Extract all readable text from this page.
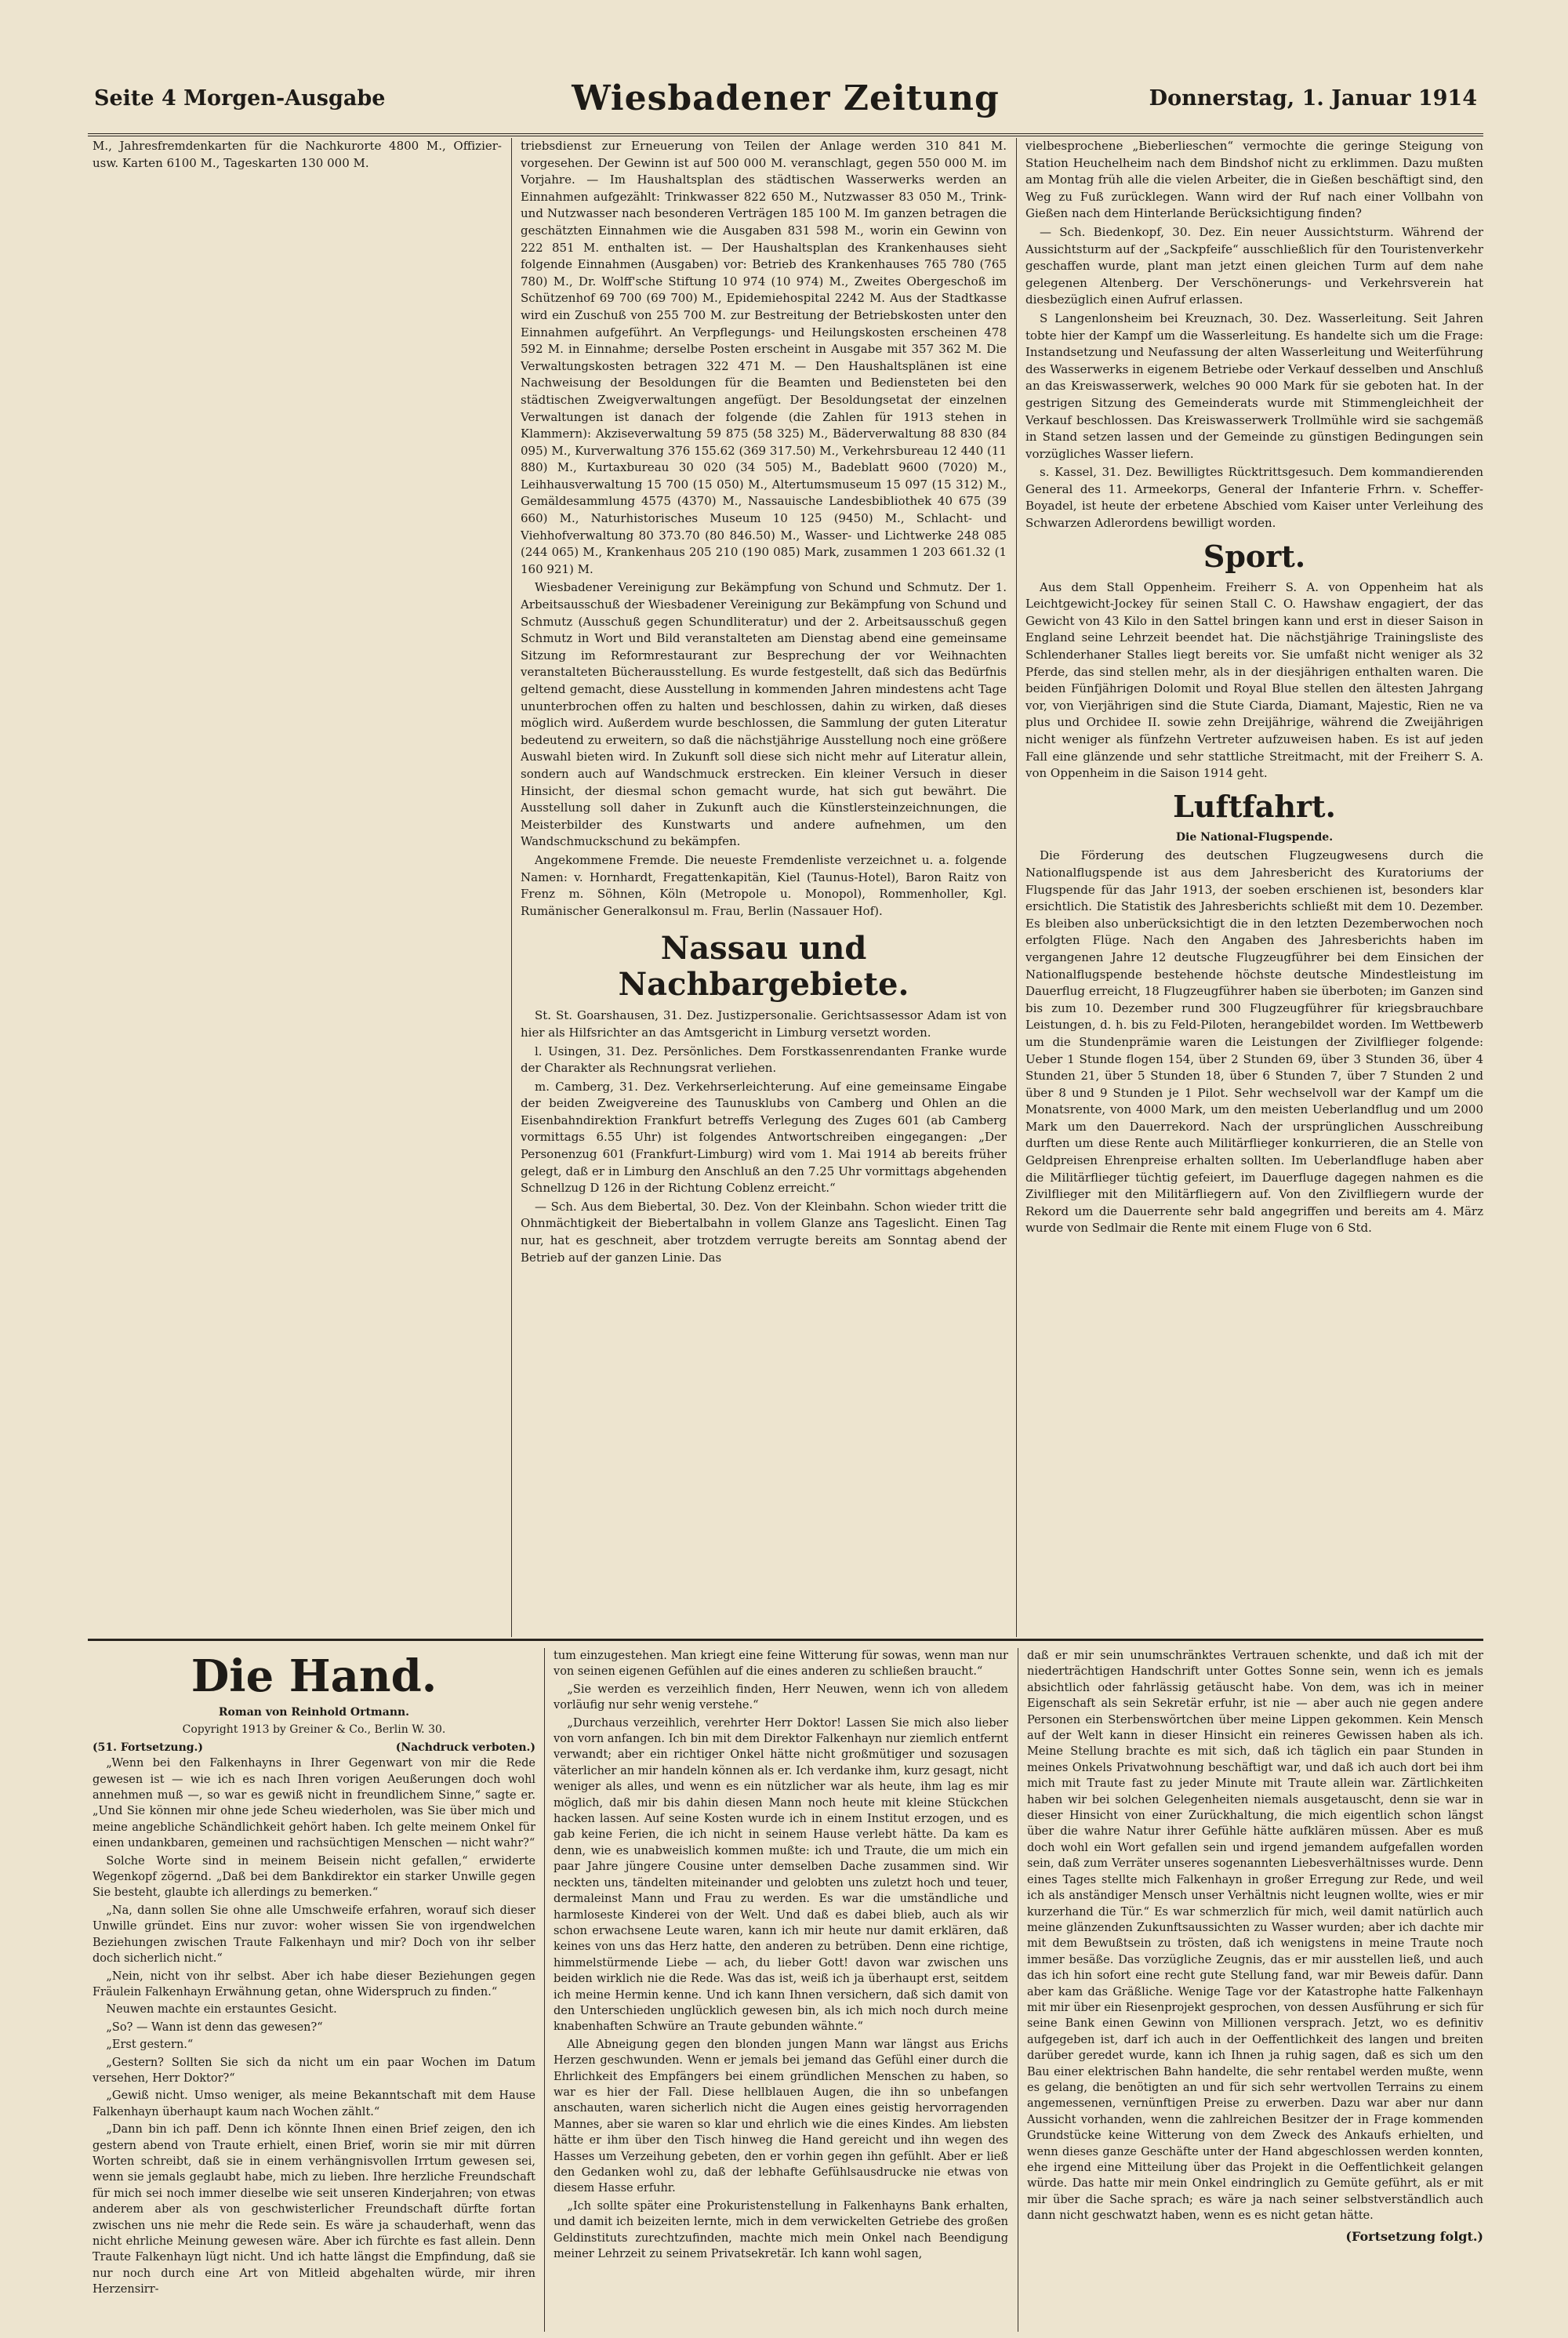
Seite 4 Morgen-Ausgabe	Wiesbadener Zeitung	Donnerstag, 1. Januar 1914

M., Jahresfremdenkarten für die Nachkurorte 4800 M., Offizier- usw. Karten 6100 M., Tageskarten 130 000 M.

triebsdienst zur Erneuerung von Teilen der Anlage werden 310 841 M. vorgesehen. Der Gewinn ist auf 500 000 M. veranschlagt, gegen 550 000 M. im Vorjahre. — Im Haushaltsplan des städtischen Wasserwerks werden an Einnahmen aufgezählt: Trinkwasser 822 650 M., Nutzwasser 83 050 M., Trink- und Nutzwasser nach besonderen Verträgen 185 100 M. Im ganzen betragen die geschätzten Einnahmen wie die Ausgaben 831 598 M., worin ein Gewinn von 222 851 M. enthalten ist. — Der Haushaltsplan des Krankenhauses sieht folgende Einnahmen (Ausgaben) vor: Betrieb des Krankenhauses 765 780 (765 780) M., Dr. Wolff'sche Stiftung 10 974 (10 974) M., Zweites Obergeschoß im Schützenhof 69 700 (69 700) M., Epidemiehospital 2242 M. Aus der Stadtkasse wird ein Zuschuß von 255 700 M. zur Bestreitung der Betriebskosten unter den Einnahmen aufgeführt. An Verpflegungs- und Heilungskosten erscheinen 478 592 M. in Einnahme; derselbe Posten erscheint in Ausgabe mit 357 362 M. Die Verwaltungskosten betragen 322 471 M. — Den Haushaltsplänen ist eine Nachweisung der Besoldungen für die Beamten und Bediensteten bei den städtischen Zweigverwaltungen angefügt. Der Besoldungsetat der einzelnen Verwaltungen ist danach der folgende (die Zahlen für 1913 stehen in Klammern): Akziseverwaltung 59 875 (58 325) M., Bäderverwaltung 88 830 (84 095) M., Kurverwaltung 376 155.62 (369 317.50) M., Verkehrsbureau 12 440 (11 880) M., Kurtaxbureau 30 020 (34 505) M., Badeblatt 9600 (7020) M., Leihhausverwaltung 15 700 (15 050) M., Altertumsmuseum 15 097 (15 312) M., Gemäldesammlung 4575 (4370) M., Nassauische Landesbibliothek 40 675 (39 660) M., Naturhistorisches Museum 10 125 (9450) M., Schlacht- und Viehhofverwaltung 80 373.70 (80 846.50) M., Wasser- und Lichtwerke 248 085 (244 065) M., Krankenhaus 205 210 (190 085) Mark, zusammen 1 203 661.32 (1 160 921) M.

Wiesbadener Vereinigung zur Bekämpfung von Schund und Schmutz. Der 1. Arbeitsausschuß der Wiesbadener Vereinigung zur Bekämpfung von Schund und Schmutz (Ausschuß gegen Schundliteratur) und der 2. Arbeitsausschuß gegen Schmutz in Wort und Bild veranstalteten am Dienstag abend eine gemeinsame Sitzung im Reformrestaurant zur Besprechung der vor Weihnachten veranstalteten Bücherausstellung. Es wurde festgestellt, daß sich das Bedürfnis geltend gemacht, diese Ausstellung in kommenden Jahren mindestens acht Tage ununterbrochen offen zu halten und beschlossen, dahin zu wirken, daß dieses möglich wird. Außerdem wurde beschlossen, die Sammlung der guten Literatur bedeutend zu erweitern, so daß die nächstjährige Ausstellung noch eine größere Auswahl bieten wird. In Zukunft soll diese sich nicht mehr auf Literatur allein, sondern auch auf Wandschmuck erstrecken. Ein kleiner Versuch in dieser Hinsicht, der diesmal schon gemacht wurde, hat sich gut bewährt. Die Ausstellung soll daher in Zukunft auch die Künstlersteinzeichnungen, die Meisterbilder des Kunstwarts und andere aufnehmen, um den Wandschmuckschund zu bekämpfen.

Angekommene Fremde. Die neueste Fremdenliste verzeichnet u. a. folgende Namen: v. Hornhardt, Fregattenkapitän, Kiel (Taunus-Hotel), Baron Raitz von Frenz m. Söhnen, Köln (Metropole u. Monopol), Rommenholler, Kgl. Rumänischer Generalkonsul m. Frau, Berlin (Nassauer Hof).

Nassau und Nachbargebiete.

St. St. Goarshausen, 31. Dez. Justizpersonalie. Gerichtsassessor Adam ist von hier als Hilfsrichter an das Amtsgericht in Limburg versetzt worden.

l. Usingen, 31. Dez. Persönliches. Dem Forstkassenrendanten Franke wurde der Charakter als Rechnungsrat verliehen.

m. Camberg, 31. Dez. Verkehrserleichterung. Auf eine gemeinsame Eingabe der beiden Zweigvereine des Taunusklubs von Camberg und Ohlen an die Eisenbahndirektion Frankfurt betreffs Verlegung des Zuges 601 (ab Camberg vormittags 6.55 Uhr) ist folgendes Antwortschreiben eingegangen: „Der Personenzug 601 (Frankfurt-Limburg) wird vom 1. Mai 1914 ab bereits früher gelegt, daß er in Limburg den Anschluß an den 7.25 Uhr vormittags abgehenden Schnellzug D 126 in der Richtung Coblenz erreicht.“

— Sch. Aus dem Biebertal, 30. Dez. Von der Kleinbahn. Schon wieder tritt die Ohnmächtigkeit der Biebertalbahn in vollem Glanze ans Tageslicht. Einen Tag nur, hat es geschneit, aber trotzdem verrugte bereits am Sonntag abend der Betrieb auf der ganzen Linie. Das

vielbesprochene „Bieberlieschen“ vermochte die geringe Steigung von Station Heuchelheim nach dem Bindshof nicht zu erklimmen. Dazu mußten am Montag früh alle die vielen Arbeiter, die in Gießen beschäftigt sind, den Weg zu Fuß zurücklegen. Wann wird der Ruf nach einer Vollbahn von Gießen nach dem Hinterlande Berücksichtigung finden?

— Sch. Biedenkopf, 30. Dez. Ein neuer Aussichtsturm. Während der Aussichtsturm auf der „Sackpfeife“ ausschließlich für den Touristenverkehr geschaffen wurde, plant man jetzt einen gleichen Turm auf dem nahe gelegenen Altenberg. Der Verschönerungs- und Verkehrsverein hat diesbezüglich einen Aufruf erlassen.

S Langenlonsheim bei Kreuznach, 30. Dez. Wasserleitung. Seit Jahren tobte hier der Kampf um die Wasserleitung. Es handelte sich um die Frage: Instandsetzung und Neufassung der alten Wasserleitung und Weiterführung des Wasserwerks in eigenem Betriebe oder Verkauf desselben und Anschluß an das Kreiswasserwerk, welches 90 000 Mark für sie geboten hat. In der gestrigen Sitzung des Gemeinderats wurde mit Stimmengleichheit der Verkauf beschlossen. Das Kreiswasserwerk Trollmühle wird sie sachgemäß in Stand setzen lassen und der Gemeinde zu günstigen Bedingungen sein vorzügliches Wasser liefern.

s. Kassel, 31. Dez. Bewilligtes Rücktrittsgesuch. Dem kommandierenden General des 11. Armeekorps, General der Infanterie Frhrn. v. Scheffer-Boyadel, ist heute der erbetene Abschied vom Kaiser unter Verleihung des Schwarzen Adlerordens bewilligt worden.

Sport.

Aus dem Stall Oppenheim. Freiherr S. A. von Oppenheim hat als Leichtgewicht-Jockey für seinen Stall C. O. Hawshaw engagiert, der das Gewicht von 43 Kilo in den Sattel bringen kann und erst in dieser Saison in England seine Lehrzeit beendet hat. Die nächstjährige Trainingsliste des Schlenderhaner Stalles liegt bereits vor. Sie umfaßt nicht weniger als 32 Pferde, das sind stellen mehr, als in der diesjährigen enthalten waren. Die beiden Fünfjährigen Dolomit und Royal Blue stellen den ältesten Jahrgang vor, von Vierjährigen sind die Stute Ciarda, Diamant, Majestic, Rien ne va plus und Orchidee II. sowie zehn Dreijährige, während die Zweijährigen nicht weniger als fünfzehn Vertreter aufzuweisen haben. Es ist auf jeden Fall eine glänzende und sehr stattliche Streitmacht, mit der Freiherr S. A. von Oppenheim in die Saison 1914 geht.

Luftfahrt.

Die National-Flugspende.

Die Förderung des deutschen Flugzeugwesens durch die Nationalflugspende ist aus dem Jahresbericht des Kuratoriums der Flugspende für das Jahr 1913, der soeben erschienen ist, besonders klar ersichtlich. Die Statistik des Jahresberichts schließt mit dem 10. Dezember. Es bleiben also unberücksichtigt die in den letzten Dezemberwochen noch erfolgten Flüge. Nach den Angaben des Jahresberichts haben im vergangenen Jahre 12 deutsche Flugzeugführer bei dem Einsichen der Nationalflugspende bestehende höchste deutsche Mindestleistung im Dauerflug erreicht, 18 Flugzeugführer haben sie überboten; im Ganzen sind bis zum 10. Dezember rund 300 Flugzeugführer für kriegsbrauchbare Leistungen, d. h. bis zu Feld-Piloten, herangebildet worden. Im Wettbewerb um die Stundenprämie waren die Leistungen der Zivilflieger folgende: Ueber 1 Stunde flogen 154, über 2 Stunden 69, über 3 Stunden 36, über 4 Stunden 21, über 5 Stunden 18, über 6 Stunden 7, über 7 Stunden 2 und über 8 und 9 Stunden je 1 Pilot. Sehr wechselvoll war der Kampf um die Monatsrente, von 4000 Mark, um den meisten Ueberlandflug und um 2000 Mark um den Dauerrekord. Nach der ursprünglichen Ausschreibung durften um diese Rente auch Militärflieger konkurrieren, die an Stelle von Geldpreisen Ehrenpreise erhalten sollten. Im Ueberlandfluge haben aber die Militärflieger tüchtig gefeiert, im Dauerfluge dagegen nahmen es die Zivilflieger mit den Militärfliegern auf. Von den Zivilfliegern wurde der Rekord um die Dauerrente sehr bald angegriffen und bereits am 4. März wurde von Sedlmair die Rente mit einem Fluge von 6 Std.

Die Hand.

Roman von Reinhold Ortmann.

Copyright 1913 by Greiner & Co., Berlin W. 30.

(51. Fortsetzung.)	(Nachdruck verboten.)

„Wenn bei den Falkenhayns in Ihrer Gegenwart von mir die Rede gewesen ist — wie ich es nach Ihren vorigen Aeußerungen doch wohl annehmen muß —, so war es gewiß nicht in freundlichem Sinne,“ sagte er. „Und Sie können mir ohne jede Scheu wiederholen, was Sie über mich und meine angebliche Schändlichkeit gehört haben. Ich gelte meinem Onkel für einen undankbaren, gemeinen und rachsüchtigen Menschen — nicht wahr?“

Solche Worte sind in meinem Beisein nicht gefallen,“ erwiderte Wegenkopf zögernd. „Daß bei dem Bankdirektor ein starker Unwille gegen Sie besteht, glaubte ich allerdings zu bemerken.“

„Na, dann sollen Sie ohne alle Umschweife erfahren, worauf sich dieser Unwille gründet. Eins nur zuvor: woher wissen Sie von irgendwelchen Beziehungen zwischen Traute Falkenhayn und mir? Doch von ihr selber doch sicherlich nicht.“

„Nein, nicht von ihr selbst. Aber ich habe dieser Beziehungen gegen Fräulein Falkenhayn Erwähnung getan, ohne Widerspruch zu finden.“

Neuwen machte ein erstauntes Gesicht.

„So? — Wann ist denn das gewesen?“

„Erst gestern.“

„Gestern? Sollten Sie sich da nicht um ein paar Wochen im Datum versehen, Herr Doktor?“

„Gewiß nicht. Umso weniger, als meine Bekanntschaft mit dem Hause Falkenhayn überhaupt kaum nach Wochen zählt.“

„Dann bin ich paff. Denn ich könnte Ihnen einen Brief zeigen, den ich gestern abend von Traute erhielt, einen Brief, worin sie mir mit dürren Worten schreibt, daß sie in einem verhängnisvollen Irrtum gewesen sei, wenn sie jemals geglaubt habe, mich zu lieben. Ihre herzliche Freundschaft für mich sei noch immer dieselbe wie seit unseren Kinderjahren; von etwas anderem aber als von geschwisterlicher Freundschaft dürfte fortan zwischen uns nie mehr die Rede sein. Es wäre ja schauderhaft, wenn das nicht ehrliche Meinung gewesen wäre. Aber ich fürchte es fast allein. Denn Traute Falkenhayn lügt nicht. Und ich hatte längst die Empfindung, daß sie nur noch durch eine Art von Mitleid abgehalten würde, mir ihren Herzensirr-

tum einzugestehen. Man kriegt eine feine Witterung für sowas, wenn man nur von seinen eigenen Gefühlen auf die eines anderen zu schließen braucht.“

„Sie werden es verzeihlich finden, Herr Neuwen, wenn ich von alledem vorläufig nur sehr wenig verstehe.“

„Durchaus verzeihlich, verehrter Herr Doktor! Lassen Sie mich also lieber von vorn anfangen. Ich bin mit dem Direktor Falkenhayn nur ziemlich entfernt verwandt; aber ein richtiger Onkel hätte nicht großmütiger und sozusagen väterlicher an mir handeln können als er. Ich verdanke ihm, kurz gesagt, nicht weniger als alles, und wenn es ein nützlicher war als heute, ihm lag es mir möglich, daß mir bis dahin diesen Mann noch heute mit kleine Stückchen hacken lassen. Auf seine Kosten wurde ich in einem Institut erzogen, und es gab keine Ferien, die ich nicht in seinem Hause verlebt hätte. Da kam es denn, wie es unabweislich kommen mußte: ich und Traute, die um mich ein paar Jahre jüngere Cousine unter demselben Dache zusammen sind. Wir neckten uns, tändelten miteinander und gelobten uns zuletzt hoch und teuer, dermaleinst Mann und Frau zu werden. Es war die umständliche und harmloseste Kinderei von der Welt. Und daß es dabei blieb, auch als wir schon erwachsene Leute waren, kann ich mir heute nur damit erklären, daß keines von uns das Herz hatte, den anderen zu betrüben. Denn eine richtige, himmelstürmende Liebe — ach, du lieber Gott! davon war zwischen uns beiden wirklich nie die Rede. Was das ist, weiß ich ja überhaupt erst, seitdem ich meine Hermin kenne. Und ich kann Ihnen versichern, daß sich damit von den Unterschieden unglücklich gewesen bin, als ich mich noch durch meine knabenhaften Schwüre an Traute gebunden wähnte.“

Alle Abneigung gegen den blonden jungen Mann war längst aus Erichs Herzen geschwunden. Wenn er jemals bei jemand das Gefühl einer durch die Ehrlichkeit des Empfängers bei einem gründlichen Menschen zu haben, so war es hier der Fall. Diese hellblauen Augen, die ihn so unbefangen anschauten, waren sicherlich nicht die Augen eines geistig hervorragenden Mannes, aber sie waren so klar und ehrlich wie die eines Kindes. Am liebsten hätte er ihm über den Tisch hinweg die Hand gereicht und ihn wegen des Hasses um Verzeihung gebeten, den er vorhin gegen ihn gefühlt. Aber er ließ den Gedanken wohl zu, daß der lebhafte Gefühlsausdrucke nie etwas von diesem Hasse erfuhr.

„Ich sollte später eine Prokuristenstellung in Falkenhayns Bank erhalten, und damit ich beizeiten lernte, mich in dem verwickelten Getriebe des großen Geldinstituts zurechtzufinden, machte mich mein Onkel nach Beendigung meiner Lehrzeit zu seinem Privatsekretär. Ich kann wohl sagen,

daß er mir sein unumschränktes Vertrauen schenkte, und daß ich mit der niederträchtigen Handschrift unter Gottes Sonne sein, wenn ich es jemals absichtlich oder fahrlässig getäuscht habe. Von dem, was ich in meiner Eigenschaft als sein Sekretär erfuhr, ist nie — aber auch nie gegen andere Personen ein Sterbenswörtchen über meine Lippen gekommen. Kein Mensch auf der Welt kann in dieser Hinsicht ein reineres Gewissen haben als ich. Meine Stellung brachte es mit sich, daß ich täglich ein paar Stunden in meines Onkels Privatwohnung beschäftigt war, und daß ich auch dort bei ihm mich mit Traute fast zu jeder Minute mit Traute allein war. Zärtlichkeiten haben wir bei solchen Gelegenheiten niemals ausgetauscht, denn sie war in dieser Hinsicht von einer Zurückhaltung, die mich eigentlich schon längst über die wahre Natur ihrer Gefühle hätte aufklären müssen. Aber es muß doch wohl ein Wort gefallen sein und irgend jemandem aufgefallen worden sein, daß zum Verräter unseres sogenannten Liebesverhältnisses wurde. Denn eines Tages stellte mich Falkenhayn in großer Erregung zur Rede, und weil ich als anständiger Mensch unser Verhältnis nicht leugnen wollte, wies er mir kurzerhand die Tür.“ Es war schmerzlich für mich, weil damit natürlich auch meine glänzenden Zukunftsaussichten zu Wasser wurden; aber ich dachte mir mit dem Bewußtsein zu trösten, daß ich wenigstens in meine Traute noch immer besäße. Das vorzügliche Zeugnis, das er mir ausstellen ließ, und auch das ich hin sofort eine recht gute Stellung fand, war mir Beweis dafür. Dann aber kam das Gräßliche. Wenige Tage vor der Katastrophe hatte Falkenhayn mit mir über ein Riesenprojekt gesprochen, von dessen Ausführung er sich für seine Bank einen Gewinn von Millionen versprach. Jetzt, wo es definitiv aufgegeben ist, darf ich auch in der Oeffentlichkeit des langen und breiten darüber geredet wurde, kann ich Ihnen ja ruhig sagen, daß es sich um den Bau einer elektrischen Bahn handelte, die sehr rentabel werden mußte, wenn es gelang, die benötigten an und für sich sehr wertvollen Terrains zu einem angemessenen, vernünftigen Preise zu erwerben. Dazu war aber nur dann Aussicht vorhanden, wenn die zahlreichen Besitzer der in Frage kommenden Grundstücke keine Witterung von dem Zweck des Ankaufs erhielten, und wenn dieses ganze Geschäfte unter der Hand abgeschlossen werden konnten, ehe irgend eine Mitteilung über das Projekt in die Oeffentlichkeit gelangen würde. Das hatte mir mein Onkel eindringlich zu Gemüte geführt, als er mit mir über die Sache sprach; es wäre ja nach seiner selbstverständlich auch dann nicht geschwatzt haben, wenn es es nicht getan hätte.

(Fortsetzung folgt.)
